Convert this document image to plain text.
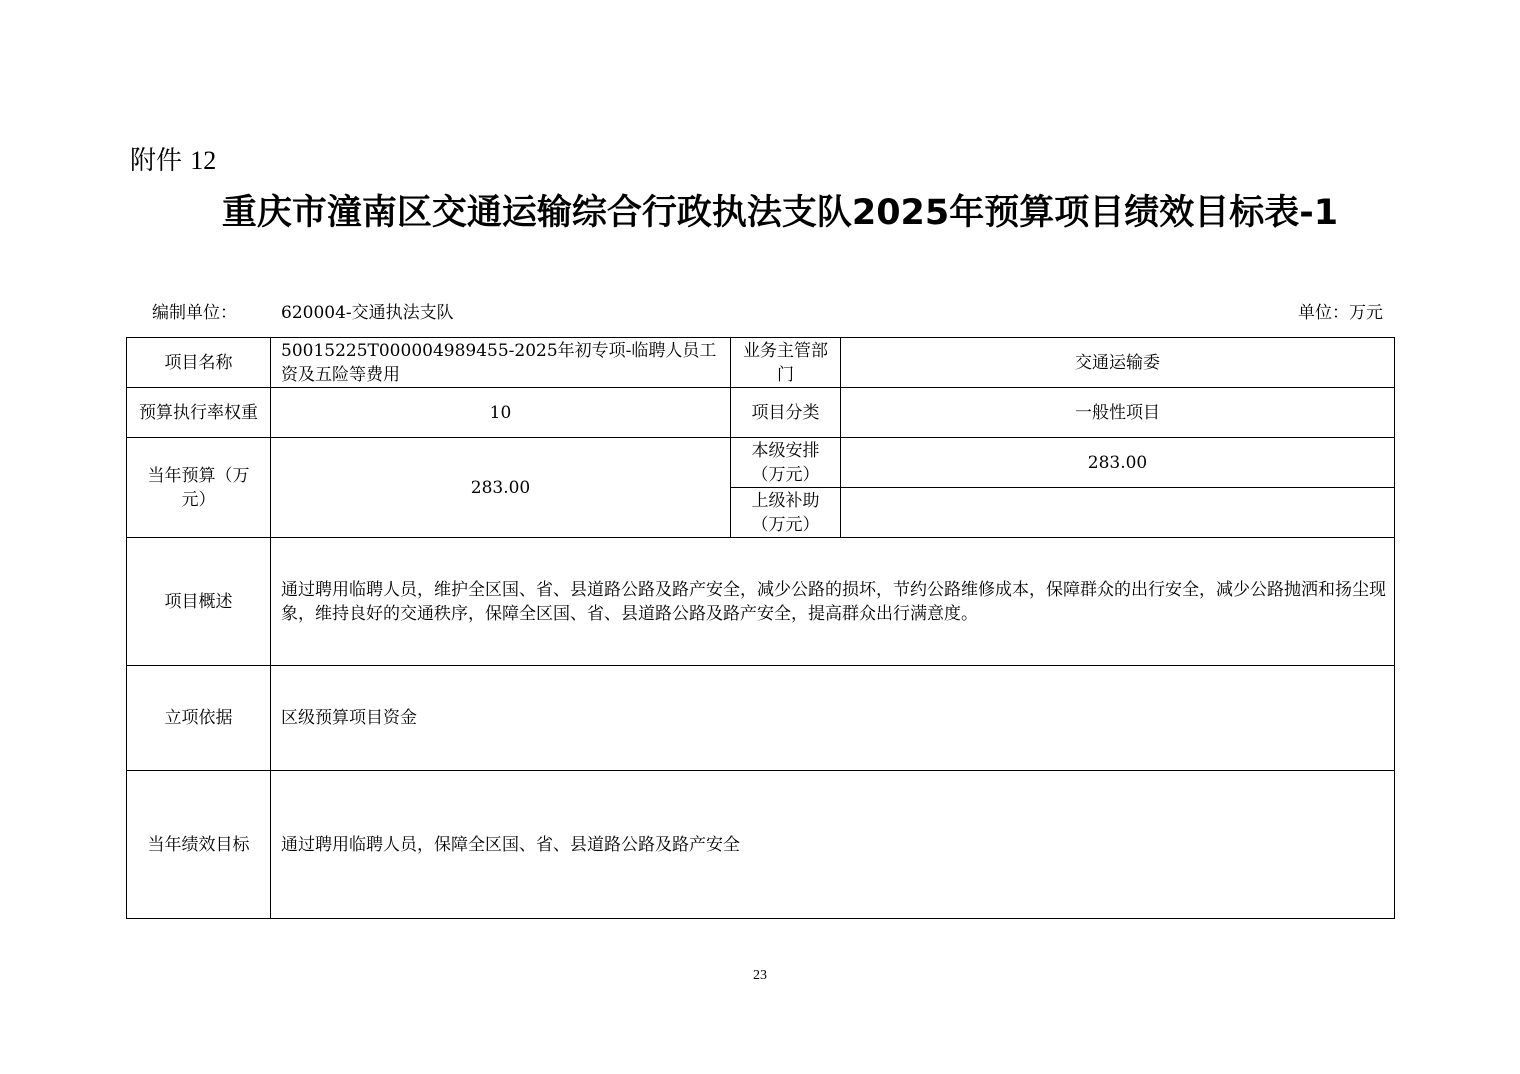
附件 12
重庆市潼南区交通运输综合行政执法支队2025年预算项目绩效目标表-1
编制单位：	620004-交通执法支队	单位：万元
项目名称	50015225T000004989455-2025年初专项-临聘人员工资及五险等费用	业务主管部门	交通运输委
预算执行率权重	10	项目分类	一般性项目
当年预算（万元）	283.00	本级安排（万元）	283.00
		上级补助（万元）	
项目概述	通过聘用临聘人员，维护全区国、省、县道路公路及路产安全，减少公路的损坏，节约公路维修成本，保障群众的出行安全，减少公路抛洒和扬尘现象，维持良好的交通秩序，保障全区国、省、县道路公路及路产安全，提高群众出行满意度。		
立项依据	区级预算项目资金		
当年绩效目标	通过聘用临聘人员，保障全区国、省、县道路公路及路产安全		
23
